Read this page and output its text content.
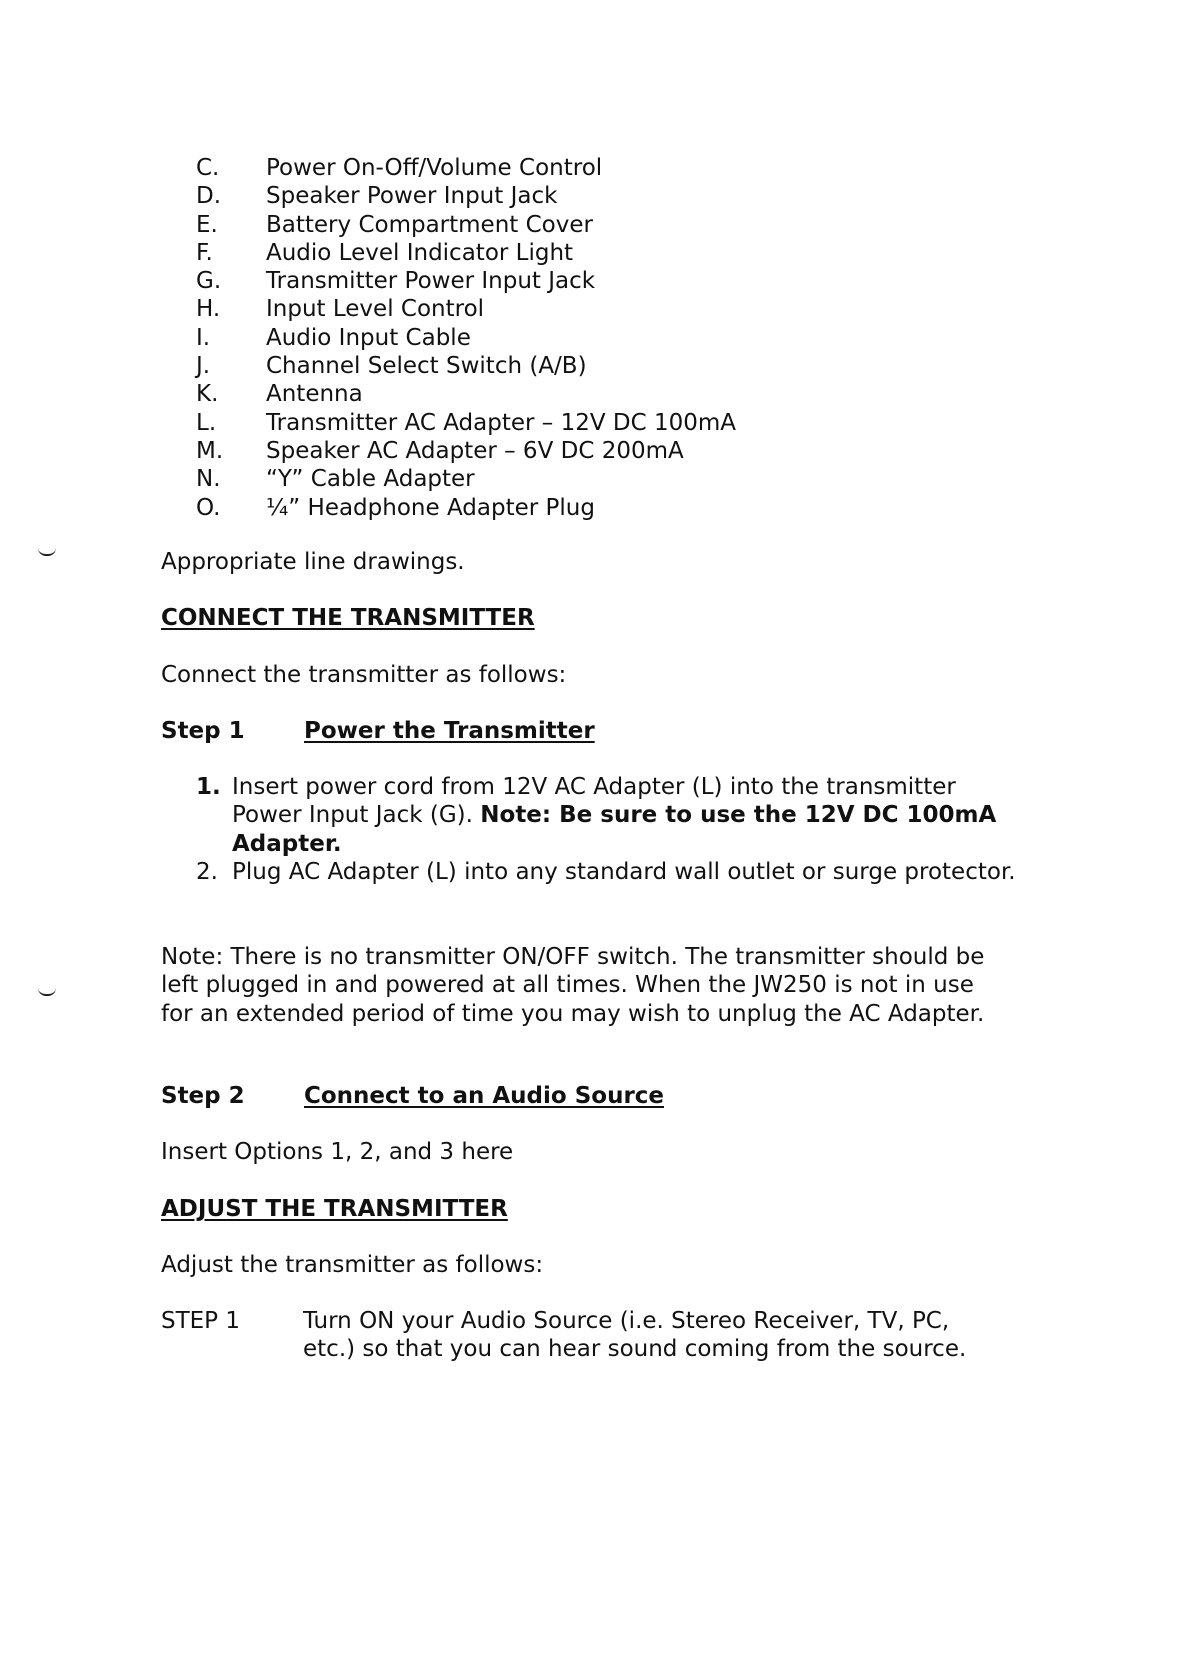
C. Power On-Off/Volume Control
D. Speaker Power Input Jack
E. Battery Compartment Cover
F. Audio Level Indicator Light
G. Transmitter Power Input Jack
H. Input Level Control
I. Audio Input Cable
J. Channel Select Switch (A/B)
K. Antenna
L. Transmitter AC Adapter – 12V DC 100mA
M. Speaker AC Adapter – 6V DC 200mA
N. “Y” Cable Adapter
O. ¼” Headphone Adapter Plug
Appropriate line drawings.
CONNECT THE TRANSMITTER
Connect the transmitter as follows:
Step 1	Power the Transmitter
1. Insert power cord from 12V AC Adapter (L) into the transmitter Power Input Jack (G). Note: Be sure to use the 12V DC 100mA Adapter.
2. Plug AC Adapter (L) into any standard wall outlet or surge protector.
Note: There is no transmitter ON/OFF switch. The transmitter should be left plugged in and powered at all times. When the JW250 is not in use for an extended period of time you may wish to unplug the AC Adapter.
Step 2	Connect to an Audio Source
Insert Options 1, 2, and 3 here
ADJUST THE TRANSMITTER
Adjust the transmitter as follows:
STEP 1	Turn ON your Audio Source (i.e. Stereo Receiver, TV, PC, etc.) so that you can hear sound coming from the source.
